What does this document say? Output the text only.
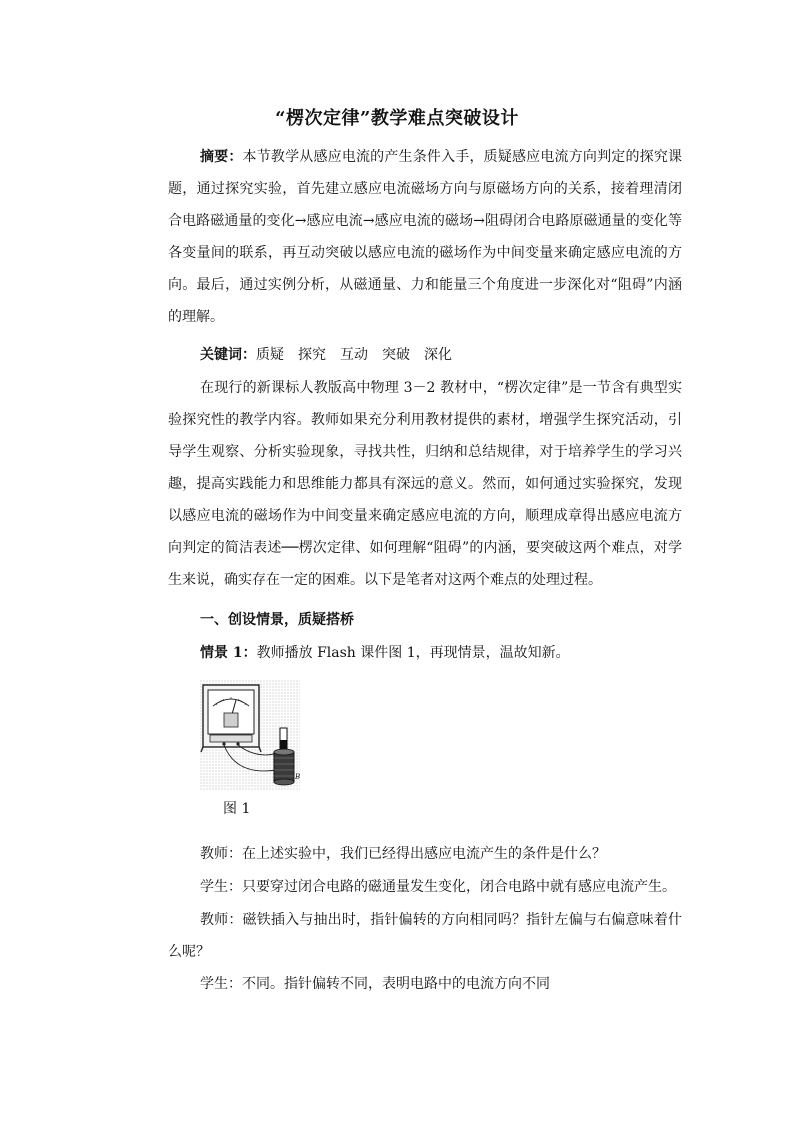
“楞次定律”教学难点突破设计
摘要：本节教学从感应电流的产生条件入手，质疑感应电流方向判定的探究课题，通过探究实验，首先建立感应电流磁场方向与原磁场方向的关系，接着理清闭合电路磁通量的变化→感应电流→感应电流的磁场→阻碍闭合电路原磁通量的变化等各变量间的联系，再互动突破以感应电流的磁场作为中间变量来确定感应电流的方向。最后，通过实例分析，从磁通量、力和能量三个角度进一步深化对“阻碍”内涵的理解。
关键词：质疑 探究 互动 突破 深化
在现行的新课标人教版高中物理 3－2 教材中，“楞次定律”是一节含有典型实验探究性的教学内容。教师如果充分利用教材提供的素材，增强学生探究活动，引导学生观察、分析实验现象，寻找共性，归纳和总结规律，对于培养学生的学习兴趣，提高实践能力和思维能力都具有深远的意义。然而，如何通过实验探究，发现以感应电流的磁场作为中间变量来确定感应电流的方向，顺理成章得出感应电流方向判定的简洁表述──楞次定律、如何理解“阻碍”的内涵，要突破这两个难点，对学生来说，确实存在一定的困难。以下是笔者对这两个难点的处理过程。
一、创设情景，质疑搭桥
情景 1：教师播放 Flash 课件图 1，再现情景，温故知新。
B
图 1
教师：在上述实验中，我们已经得出感应电流产生的条件是什么？
学生：只要穿过闭合电路的磁通量发生变化，闭合电路中就有感应电流产生。
教师：磁铁插入与抽出时，指针偏转的方向相同吗？指针左偏与右偏意味着什么呢？
学生：不同。指针偏转不同，表明电路中的电流方向不同
